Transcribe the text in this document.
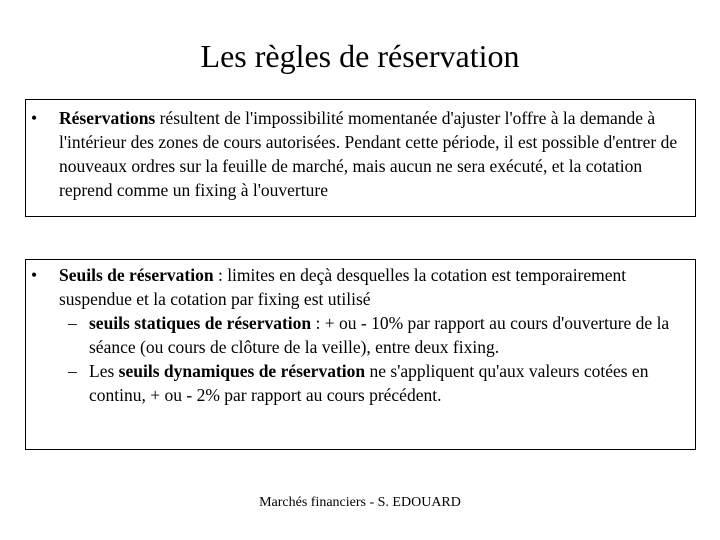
Les règles de réservation
•	Réservations résultent de l'impossibilité momentanée d'ajuster l'offre à la demande à l'intérieur des zones de cours autorisées. Pendant cette période, il est possible d'entrer de nouveaux ordres sur la feuille de marché, mais aucun ne sera exécuté, et la cotation reprend comme un fixing à l'ouverture
•	Seuils de réservation : limites en deçà desquelles la cotation est temporairement suspendue et la cotation par fixing est utilisé
– seuils statiques de réservation : + ou - 10% par rapport au cours d'ouverture de la séance (ou cours de clôture de la veille), entre deux fixing.
– Les seuils dynamiques de réservation ne s'appliquent qu'aux valeurs cotées en continu, + ou - 2% par rapport au cours précédent.
Marchés financiers - S. EDOUARD
